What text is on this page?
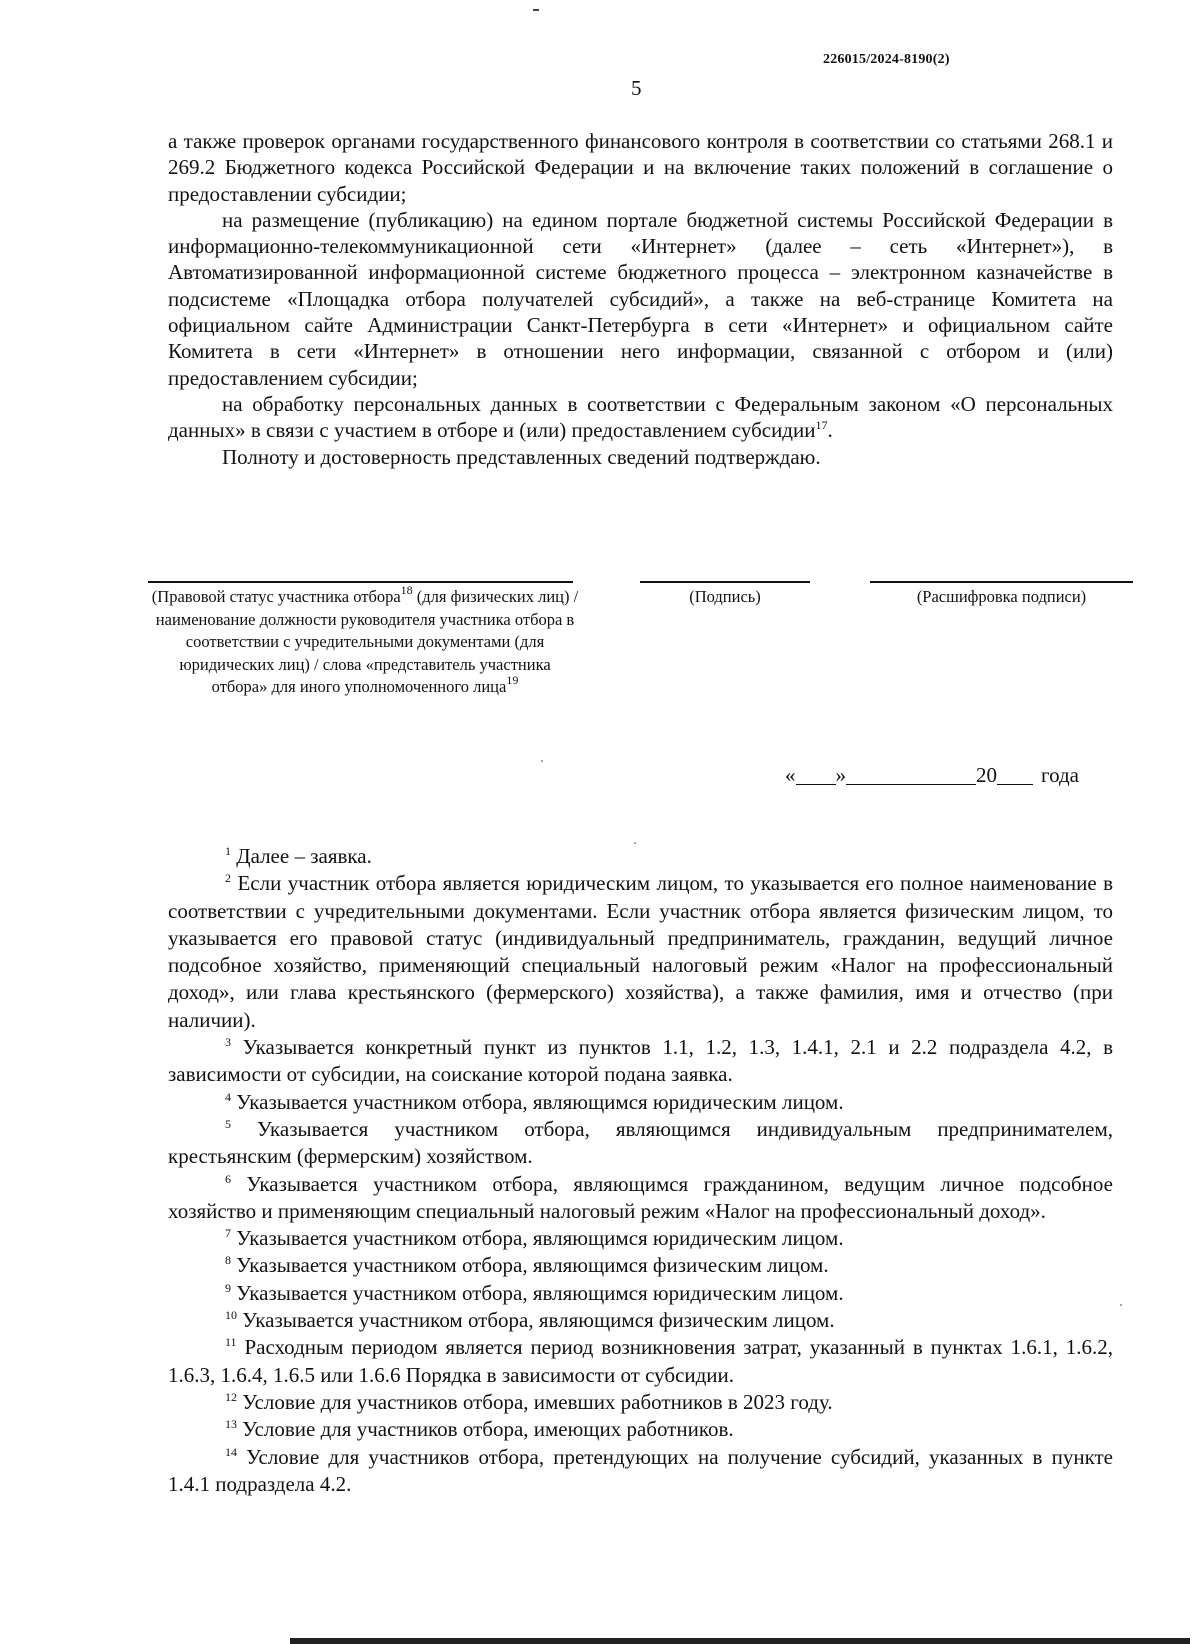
226015/2024-8190(2)
5

а также проверок органами государственного финансового контроля в соответствии со статьями 268.1 и 269.2 Бюджетного кодекса Российской Федерации и на включение таких положений в соглашение о предоставлении субсидии;

на размещение (публикацию) на едином портале бюджетной системы Российской Федерации в информационно-телекоммуникационной сети «Интернет» (далее – сеть «Интернет»), в Автоматизированной информационной системе бюджетного процесса – электронном казначействе в подсистеме «Площадка отбора получателей субсидий», а также на веб-странице Комитета на официальном сайте Администрации Санкт-Петербурга в сети «Интернет» и официальном сайте Комитета в сети «Интернет» в отношении него информации, связанной с отбором и (или) предоставлением субсидии;

на обработку персональных данных в соответствии с Федеральным законом «О персональных данных» в связи с участием в отборе и (или) предоставлением субсидии$^{17}$.

Полноту и достоверность представленных сведений подтверждаю.

(Правовой статус участника отбора$^{18}$ (для физических лиц) / наименование должности руководителя участника отбора в соответствии с учредительными документами (для юридических лиц) / слова «представитель участника отбора» для иного уполномоченного лица$^{19}$
(Подпись)	(Расшифровка подписи)
« »	20 года

$^1$ Далее – заявка.

$^2$ Если участник отбора является юридическим лицом, то указывается его полное наименование в соответствии с учредительными документами. Если участник отбора является физическим лицом, то указывается его правовой статус (индивидуальный предприниматель, гражданин, ведущий личное подсобное хозяйство, применяющий специальный налоговый режим «Налог на профессиональный доход», или глава крестьянского (фермерского) хозяйства), а также фамилия, имя и отчество (при наличии).

$^3$ Указывается конкретный пункт из пунктов 1.1, 1.2, 1.3, 1.4.1, 2.1 и 2.2 подраздела 4.2, в зависимости от субсидии, на соискание которой подана заявка.

$^4$ Указывается участником отбора, являющимся юридическим лицом.

$^5$ Указывается участником отбора, являющимся индивидуальным предпринимателем, крестьянским (фермерским) хозяйством.

$^6$ Указывается участником отбора, являющимся гражданином, ведущим личное подсобное хозяйство и применяющим специальный налоговый режим «Налог на профессиональный доход».

$^7$ Указывается участником отбора, являющимся юридическим лицом.

$^8$ Указывается участником отбора, являющимся физическим лицом.

$^9$ Указывается участником отбора, являющимся юридическим лицом.

$^{10}$ Указывается участником отбора, являющимся физическим лицом.

$^{11}$ Расходным периодом является период возникновения затрат, указанный в пунктах 1.6.1, 1.6.2, 1.6.3, 1.6.4, 1.6.5 или 1.6.6 Порядка в зависимости от субсидии.

$^{12}$ Условие для участников отбора, имевших работников в 2023 году.

$^{13}$ Условие для участников отбора, имеющих работников.

$^{14}$ Условие для участников отбора, претендующих на получение субсидий, указанных в пункте 1.4.1 подраздела 4.2.
